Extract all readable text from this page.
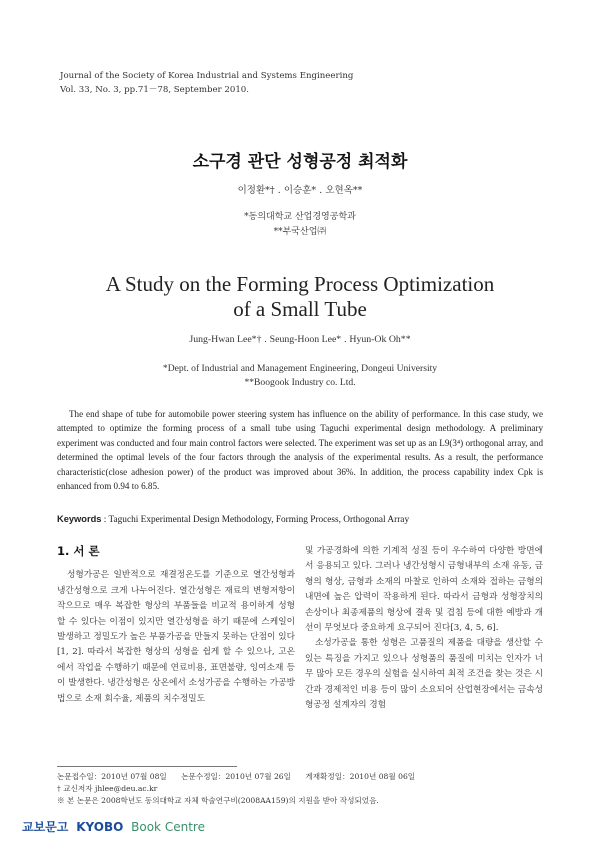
Journal of the Society of Korea Industrial and Systems Engineering
Vol. 33, No. 3, pp.71－78, September 2010.
소구경 관단 성형공정 최적화
이정환*† ․ 이승훈* ․ 오현옥**
*동의대학교 산업경영공학과
**부국산업㈜
A Study on the Forming Process Optimization
of a Small Tube
Jung-Hwan Lee*† ․ Seung-Hoon Lee* ․ Hyun-Ok Oh**
*Dept. of Industrial and Management Engineering, Dongeui University
**Boogook Industry co. Ltd.
The end shape of tube for automobile power steering system has influence on the ability of performance. In this case study, we attempted to optimize the forming process of a small tube using Taguchi experimental design methodology. A preliminary experiment was conducted and four main control factors were selected. The experiment was set up as an L9(3⁴) orthogonal array, and determined the optimal levels of the four factors through the analysis of the experimental results. As a result, the performance characteristic(close adhesion power) of the product was improved about 36%. In addition, the process capability index Cpk is enhanced from 0.94 to 6.85.
Keywords : Taguchi Experimental Design Methodology, Forming Process, Orthogonal Array
1. 서 론

성형가공은 일반적으로 재결정온도를 기준으로 열간성형과 냉간성형으로 크게 나누어진다. 열간성형은 재료의 변형저항이 작으므로 매우 복잡한 형상의 부품들을 비교적 용이하게 성형 할 수 있다는 이점이 있지만 열간성형을 하기 때문에 스케일이 발생하고 정밀도가 높은 부품가공을 만들지 못하는 단점이 있다[1, 2]. 따라서 복잡한 형상의 성형을 쉽게 할 수 있으나, 고온에서 작업을 수행하기 때문에 연료비용, 표면불량, 잉여소재 등이 발생한다. 냉간성형은 상온에서 소성가공을 수행하는 가공방법으로 소재 회수율, 제품의 치수정밀도

및 가공경화에 의한 기계적 성질 등이 우수하여 다양한 방면에서 응용되고 있다. 그러나 냉간성형시 금형내부의 소재 유동, 금형의 형상, 금형과 소재의 마찰로 인하여 소재와 접하는 금형의 내면에 높은 압력이 작용하게 된다. 따라서 금형과 성형장치의 손상이나 최종제품의 형상에 결육 및 겹침 등에 대한 예방과 개선이 무엇보다 중요하게 요구되어 진다[3, 4, 5, 6].

소성가공을 통한 성형은 고품질의 제품을 대량을 생산할 수 있는 특징을 가지고 있으나 성형품의 품질에 미치는 인자가 너무 많아 모든 경우의 실험을 실시하여 최적 조건을 찾는 것은 시간과 경제적인 비용 등이 많이 소요되어 산업현장에서는 금속성형공정 설계자의 경험

논문접수일：2010년 07월 08일 논문수정일：2010년 07월 26일 게재확정일：2010년 08월 06일
† 교신저자 jhlee@deu.ac.kr
※ 본 논문은 2008학년도 동의대학교 자체 학술연구비(2008AA159)의 지원을 받아 작성되었음.
교보문고 KYOBO Book Centre
